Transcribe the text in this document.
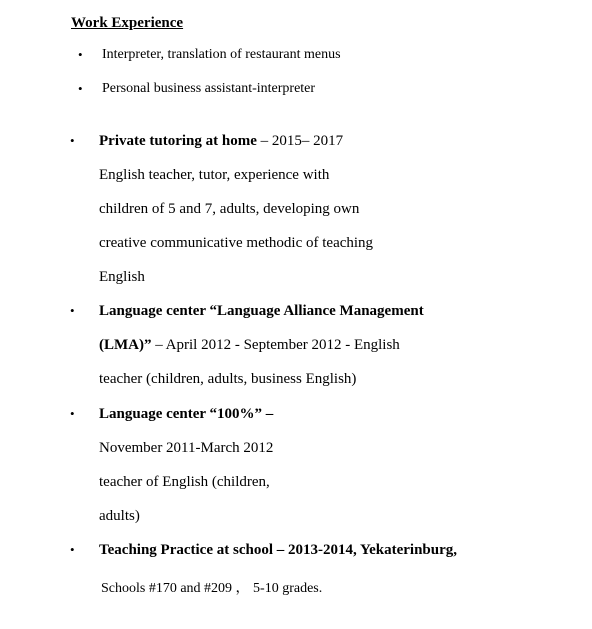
Work Experience
• Interpreter, translation of restaurant menus
• Personal business assistant-interpreter
• Private tutoring at home – 2015– 2017
English teacher, tutor, experience with
children of 5 and 7, adults, developing own
creative communicative methodic of teaching
English
• Language center “Language Alliance Management
(LMA)” – April 2012 - September 2012 - English
teacher (children, adults, business English)
• Language center “100%” –
November 2011-March 2012
teacher of English (children,
adults)
• Teaching Practice at school – 2013-2014, Yekaterinburg,
Schools #170 and #209 ， 5-10 grades.
